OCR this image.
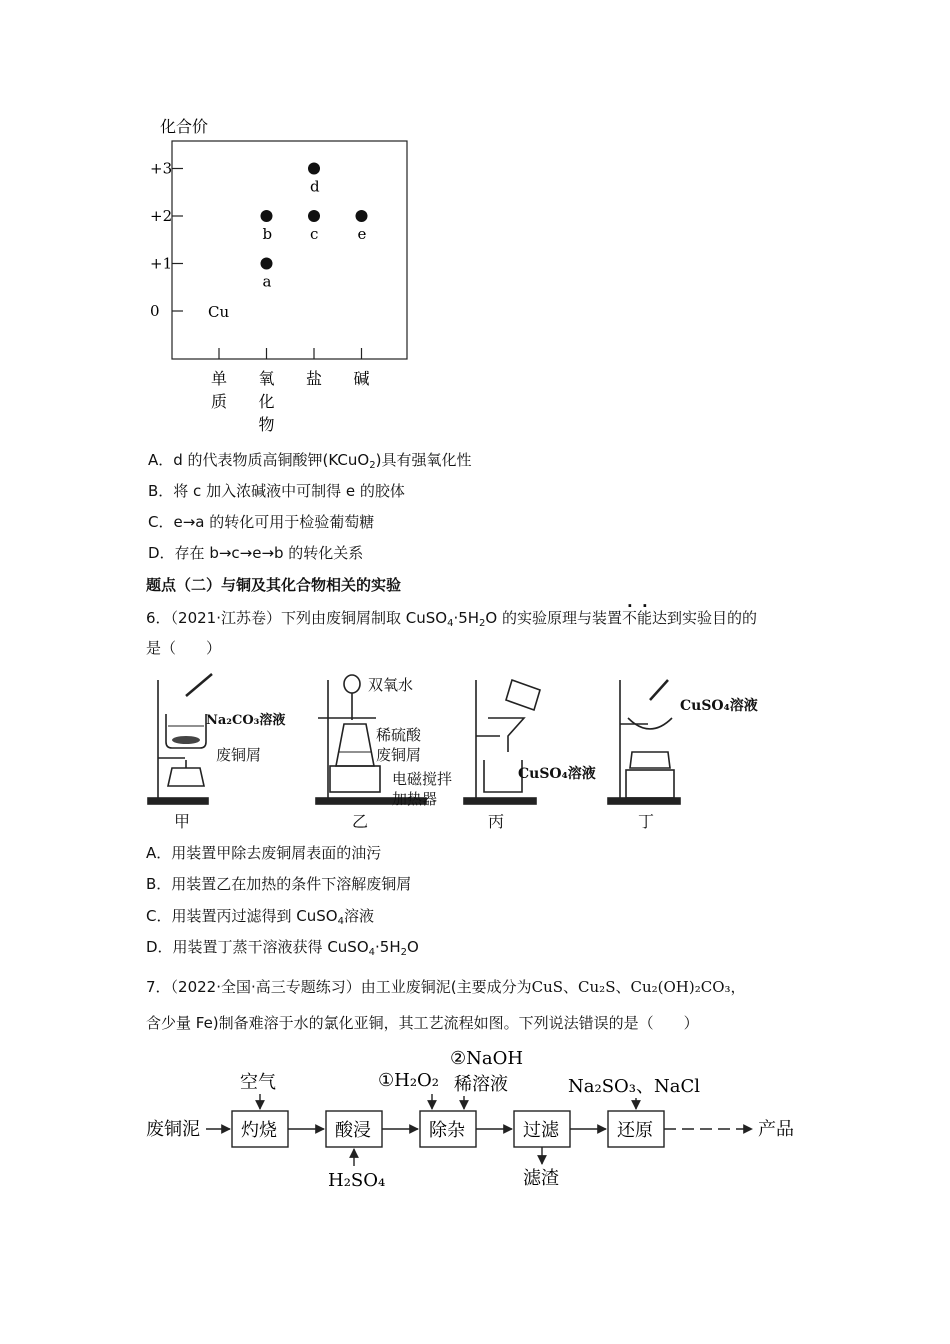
化合价
+3
+2
+1
0
单
质
氧
化
物
盐 碱
Cu
a
b	c
d
e
A．d 的代表物质高铜酸钾(KCuO$_2$)具有强氧化性
B．将 c 加入浓碱液中可制得 e 的胶体
C．e→a 的转化可用于检验葡萄糖
D．存在 b→c→e→b 的转化关系
题点（二）与铜及其化合物相关的实验
6．（2021·江苏卷）下列由废铜屑制取 $CuSO_4\cdot 5H_2O$ 的实验原理与装置不能达到实验目的的
是（　　）
Na₂CO₃溶液
废铜屑
甲
双氧水
稀硫酸
废铜屑
电磁搅拌
加热器
乙
CuSO₄溶液
丙
CuSO₄溶液
丁
A．用装置甲除去废铜屑表面的油污
B．用装置乙在加热的条件下溶解废铜屑
C．用装置丙过滤得到 CuSO$_4$溶液
D．用装置丁蒸干溶液获得 $CuSO_4\cdot 5H_2O$
7．（2022·全国·高三专题练习）由工业废铜泥(主要成分为CuS、Cu₂S、Cu₂(OH)₂CO₃，
含少量 Fe)制备难溶于水的氯化亚铜，其工艺流程如图。下列说法错误的是（　　）
废铜泥 灼烧	酸浸	除杂	过滤	还原	产品
空气
H₂SO₄
①H₂O₂
②NaOH
稀溶液	Na₂SO₃、NaCl
滤渣
